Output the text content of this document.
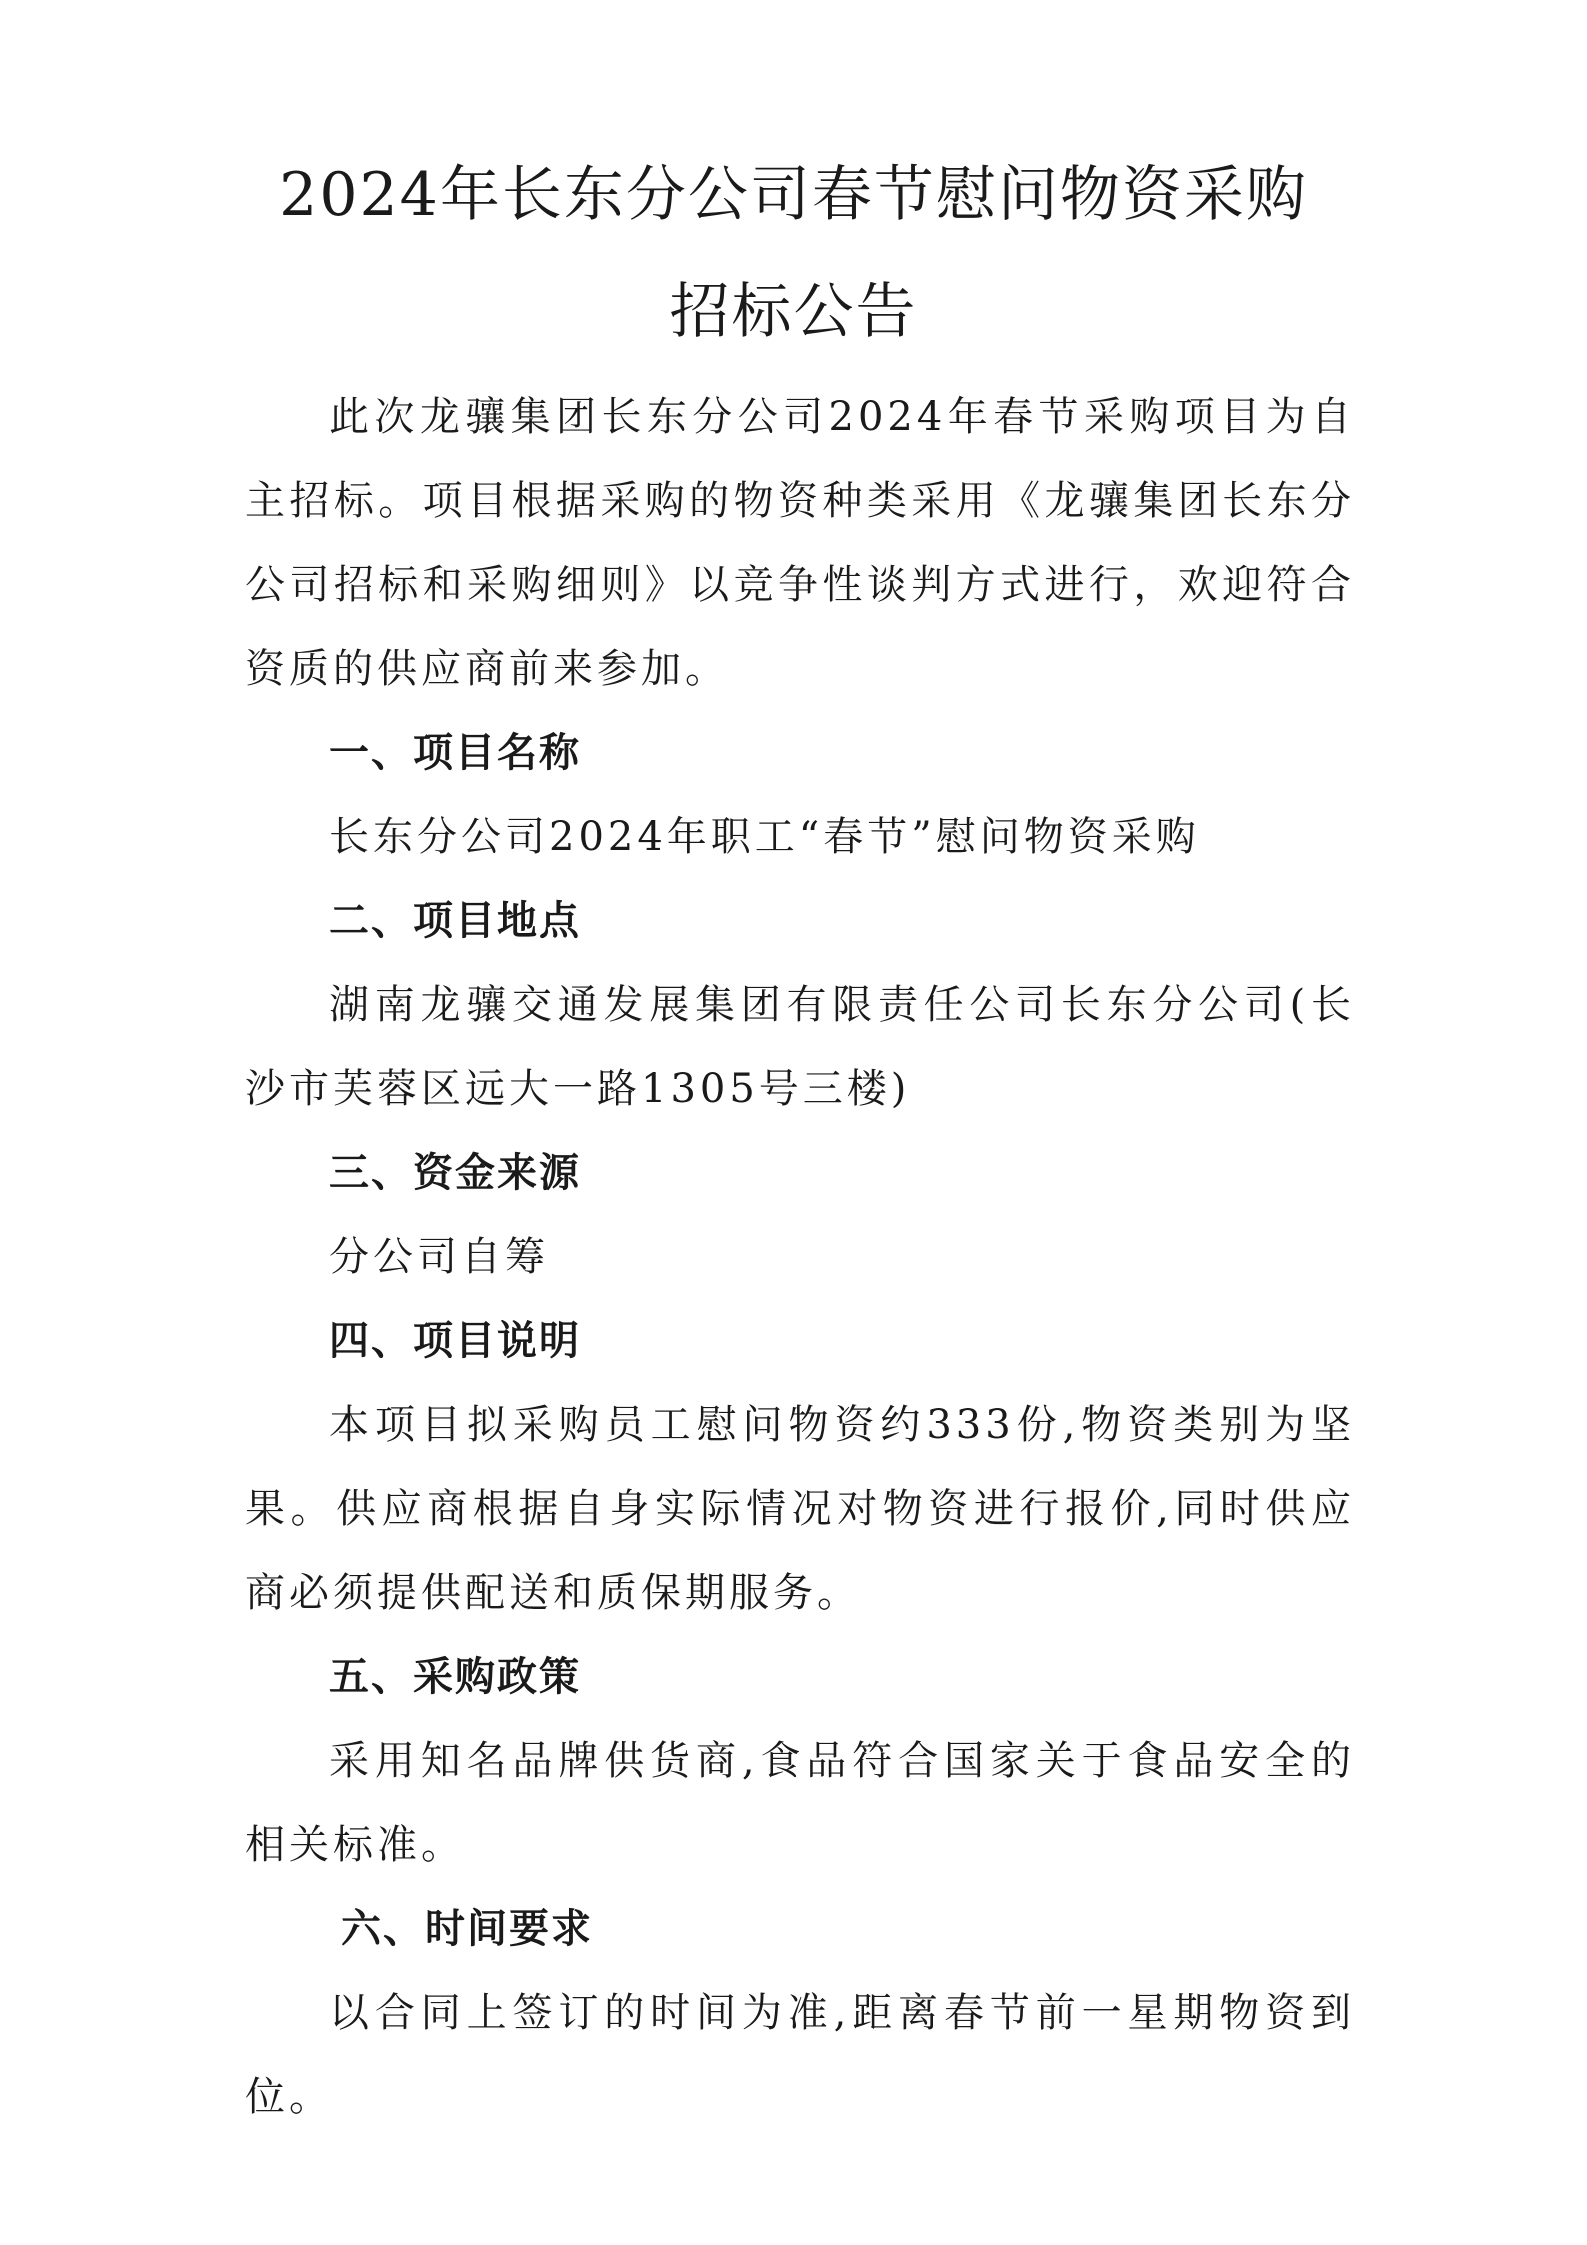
2024年长东分公司春节慰问物资采购
招标公告

此次龙骧集团长东分公司2024年春节采购项目为自主招标。项目根据采购的物资种类采用《龙骧集团长东分公司招标和采购细则》以竞争性谈判方式进行，欢迎符合资质的供应商前来参加。

一、项目名称

长东分公司2024年职工“春节”慰问物资采购

二、项目地点

湖南龙骧交通发展集团有限责任公司长东分公司(长沙市芙蓉区远大一路1305号三楼)

三、资金来源

分公司自筹

四、项目说明

本项目拟采购员工慰问物资约333份,物资类别为坚果。供应商根据自身实际情况对物资进行报价,同时供应商必须提供配送和质保期服务。

五、采购政策

采用知名品牌供货商,食品符合国家关于食品安全的相关标准。

六、时间要求

以合同上签订的时间为准,距离春节前一星期物资到位。
